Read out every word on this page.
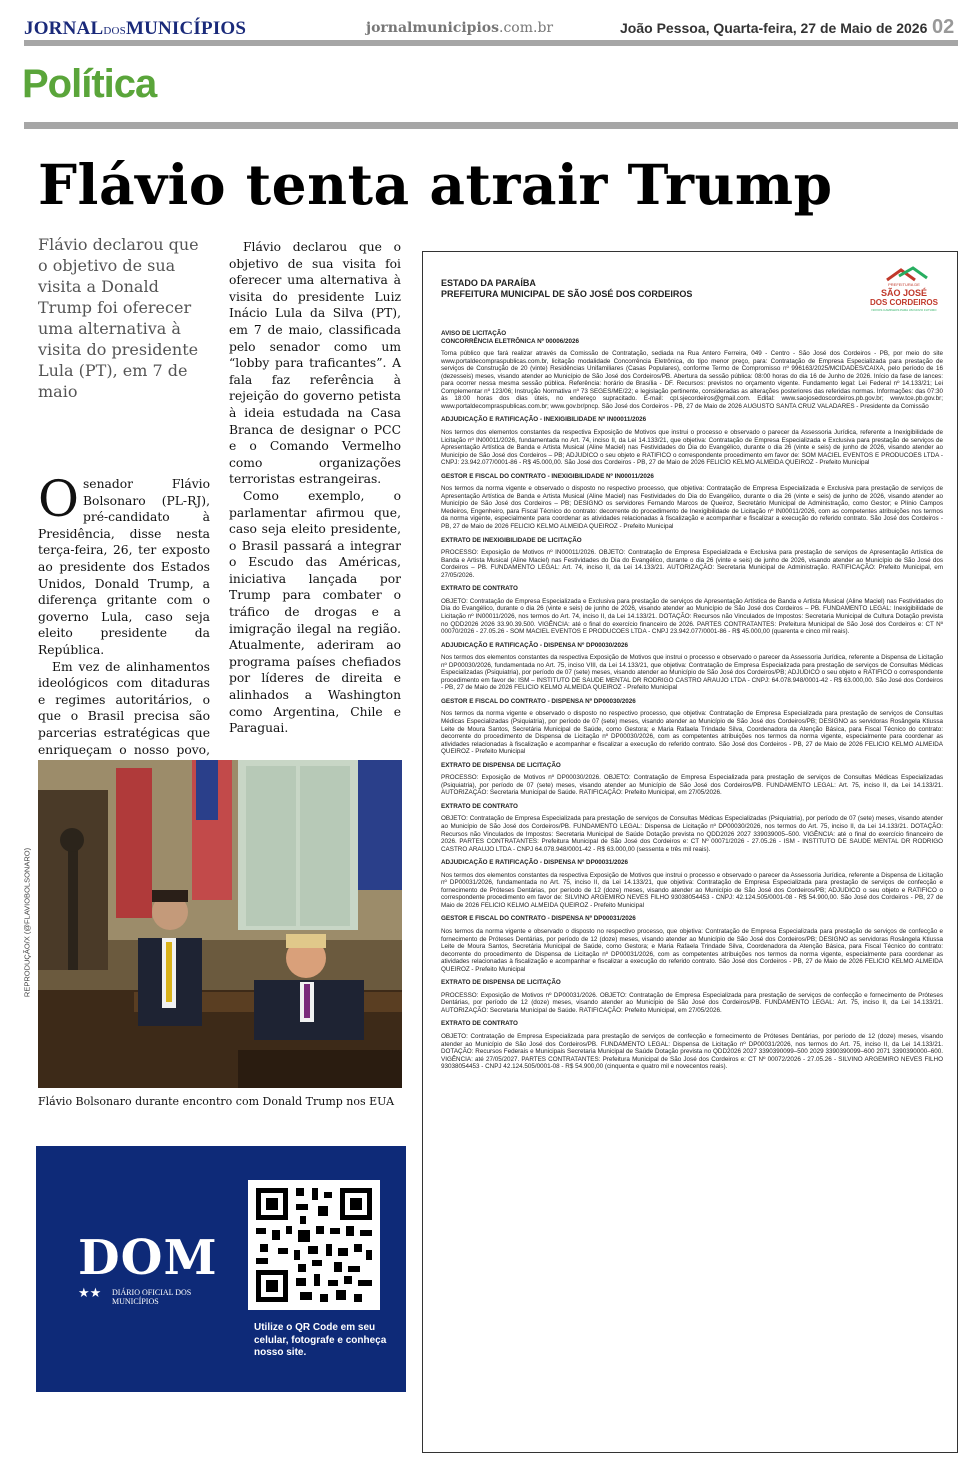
JORNALDOSMUNICÍPIOS	jornalmunicipios.com.br	João Pessoa, Quarta-feira, 27 de Maio de 2026 02
Política
Flávio tenta atrair Trump
Flávio declarou que o objetivo de sua visita a Donald Trump foi oferecer uma alternativa à visita do presidente Lula (PT), em 7 de maio

Osenador Flávio Bolsonaro (PL-RJ), pré-candidato à Presidência, disse nesta terça-feira, 26, ter exposto ao presidente dos Estados Unidos, Donald Trump, a diferença gritante com o governo Lula, caso seja eleito presidente da República.

Em vez de alinhamentos ideológicos com ditaduras e regimes autoritários, o que o Brasil precisa são parcerias estratégicas que enriqueçam o nosso povo,

Flávio declarou que o objetivo de sua visita foi oferecer uma alternativa à visita do presidente Luiz Inácio Lula da Silva (PT), em 7 de maio, classificada pelo senador como um “lobby para traficantes”. A fala faz referência à rejeição do governo petista à ideia estudada na Casa Branca de designar o PCC e o Comando Vermelho como organizações terroristas estrangeiras.

Como exemplo, o parlamentar afirmou que, caso seja eleito presidente, o Brasil passará a integrar o Escudo das Américas, iniciativa lançada por Trump para combater o tráfico de drogas e a imigração ilegal na região. Atualmente, aderiram ao programa países chefiados por líderes de direita e alinhados a Washington como Argentina, Chile e Paraguai.

REPRODUÇÃO/X (@FLAVIOBOLSONARO)
Flávio Bolsonaro durante encontro com Donald Trump nos EUA
DOM
★★ DIÁRIO OFICIAL DOS
MUNICÍPIOS
Utilize o QR Code em seu celular, fotografe e conheça nosso site.
ESTADO DA PARAÍBA
PREFEITURA MUNICIPAL DE SÃO JOSÉ DOS CORDEIROS
PREFEITURA DE
SÃO JOSÉ
DOS CORDEIROS
NOVOS CAMINHOS PARA UM NOVO FUTURO
AVISO DE LICITAÇÃO
CONCORRÊNCIA ELETRÔNICA Nº 00006/2026
Torna público que fará realizar através da Comissão de Contratação, sediada na Rua Antero Ferreira, 049 - Centro - São José dos Cordeiros - PB, por meio do site www.portaldecompraspublicas.com.br, licitação modalidade Concorrência Eletrônica, do tipo menor preço, para: Contratação de Empresa Especializada para prestação de serviços de Construção de 20 (vinte) Residências Unifamiliares (Casas Populares), conforme Termo de Compromisso nº 996163/2025/MCIDADES/CAIXA, pelo período de 16 (dezesseis) meses, visando atender ao Município de São José dos Cordeiros/PB. Abertura da sessão pública: 08:00 horas do dia 16 de Junho de 2026. Início da fase de lances: para ocorrer nessa mesma sessão pública. Referência: horário de Brasília - DF. Recursos: previstos no orçamento vigente. Fundamento legal: Lei Federal nº 14.133/21; Lei Complementar nº 123/06; Instrução Normativa nº 73 SEGES/ME/22; e legislação pertinente, consideradas as alterações posteriores das referidas normas. Informações: das 07:30 às 18:00 horas dos dias úteis, no endereço supracitado. E-mail: cpl.sjecordeiros@gmail.com. Edital: www.saojosedoscordeiros.pb.gov.br; www.tce.pb.gov.br; www.portaldecompraspublicas.com.br; www.gov.br/pncp. São José dos Cordeiros - PB, 27 de Maio de 2026 AUGUSTO SANTA CRUZ VALADARES - Presidente da Comissão
ADJUDICAÇÃO E RATIFICAÇÃO - INEXIGIBILIDADE Nº IN00011/2026
Nos termos dos elementos constantes da respectiva Exposição de Motivos que instrui o processo e observado o parecer da Assessoria Jurídica, referente a Inexigibilidade de Licitação nº IN00011/2026, fundamentada no Art. 74, inciso II, da Lei 14.133/21, que objetiva: Contratação de Empresa Especializada e Exclusiva para prestação de serviços de Apresentação Artística de Banda e Artista Musical (Aline Maciel) nas Festividades do Dia do Evangélico, durante o dia 26 (vinte e seis) de junho de 2026, visando atender ao Município de São José dos Cordeiros – PB; ADJUDICO o seu objeto e RATIFICO o correspondente procedimento em favor de: SOM MACIEL EVENTOS E PRODUCOES LTDA - CNPJ: 23.942.077/0001-86 - R$ 45.000,00. São José dos Cordeiros - PB, 27 de Maio de 2026 FELICIO KELMO ALMEIDA QUEIROZ - Prefeito Municipal
GESTOR E FISCAL DO CONTRATO - INEXIGIBILIDADE Nº IN00011/2026
Nos termos da norma vigente e observado o disposto no respectivo processo, que objetiva: Contratação de Empresa Especializada e Exclusiva para prestação de serviços de Apresentação Artística de Banda e Artista Musical (Aline Maciel) nas Festividades do Dia do Evangélico, durante o dia 26 (vinte e seis) de junho de 2026, visando atender ao Município de São José dos Cordeiros – PB; DESIGNO os servidores Fernando Marcos de Queiroz, Secretário Municipal de Administração, como Gestor; e Plínio Campos Medeiros, Engenheiro, para Fiscal Técnico do contrato: decorrente do procedimento de Inexigibilidade de Licitação nº IN00011/2026, com as competentes atribuições nos termos da norma vigente, especialmente para coordenar as atividades relacionadas à fiscalização e acompanhar e fiscalizar a execução do referido contrato. São José dos Cordeiros - PB, 27 de Maio de 2026 FELICIO KELMO ALMEIDA QUEIROZ - Prefeito Municipal
EXTRATO DE INEXIGIBILIDADE DE LICITAÇÃO
PROCESSO: Exposição de Motivos nº IN00011/2026. OBJETO: Contratação de Empresa Especializada e Exclusiva para prestação de serviços de Apresentação Artística de Banda e Artista Musical (Aline Maciel) nas Festividades do Dia do Evangélico, durante o dia 26 (vinte e seis) de junho de 2026, visando atender ao Município de São José dos Cordeiros – PB. FUNDAMENTO LEGAL: Art. 74, inciso II, da Lei 14.133/21. AUTORIZAÇÃO: Secretaria Municipal de Administração. RATIFICAÇÃO: Prefeito Municipal, em 27/05/2026.
EXTRATO DE CONTRATO
OBJETO: Contratação de Empresa Especializada e Exclusiva para prestação de serviços de Apresentação Artística de Banda e Artista Musical (Aline Maciel) nas Festividades do Dia do Evangélico, durante o dia 26 (vinte e seis) de junho de 2026, visando atender ao Município de São José dos Cordeiros – PB. FUNDAMENTO LEGAL: Inexigibilidade de Licitação nº IN00011/2026, nos termos do Art. 74, inciso II, da Lei 14.133/21. DOTAÇÃO: Recursos não Vinculados de Impostos: Secretaria Municipal de Cultura Dotação prevista no QDD2026 2026 33.90.39.500. VIGÊNCIA: até o final do exercício financeiro de 2026. PARTES CONTRATANTES: Prefeitura Municipal de São José dos Cordeiros e: CT Nº 00070/2026 - 27.05.26 - SOM MACIEL EVENTOS E PRODUCOES LTDA - CNPJ 23.942.077/0001-86 - R$ 45.000,00 (quarenta e cinco mil reais).
ADJUDICAÇÃO E RATIFICAÇÃO - DISPENSA Nº DP00030/2026
Nos termos dos elementos constantes da respectiva Exposição de Motivos que instrui o processo e observado o parecer da Assessoria Jurídica, referente a Dispensa de Licitação nº DP00030/2026, fundamentada no Art. 75, inciso VIII, da Lei 14.133/21, que objetiva: Contratação de Empresa Especializada para prestação de serviços de Consultas Médicas Especializadas (Psiquiatria), por período de 07 (sete) meses, visando atender ao Município de São José dos Cordeiros/PB; ADJUDICO o seu objeto e RATIFICO o correspondente procedimento em favor de: ISM – INSTITUTO DE SAUDE MENTAL DR RODRIGO CASTRO ARAUJO LTDA - CNPJ: 64.078.948/0001-42 - R$ 63.000,00. São José dos Cordeiros - PB, 27 de Maio de 2026 FELICIO KELMO ALMEIDA QUEIROZ - Prefeito Municipal
GESTOR E FISCAL DO CONTRATO - DISPENSA Nº DP00030/2026
Nos termos da norma vigente e observado o disposto no respectivo processo, que objetiva: Contratação de Empresa Especializada para prestação de serviços de Consultas Médicas Especializadas (Psiquiatria), por período de 07 (sete) meses, visando atender ao Município de São José dos Cordeiros/PB; DESIGNO as servidoras Rosângela Ktiussa Leite de Moura Santos, Secretária Municipal de Saúde, como Gestora; e Maria Rafaela Trindade Silva, Coordenadora da Atenção Básica, para Fiscal Técnico do contrato: decorrente do procedimento de Dispensa de Licitação nº DP00030/2026, com as competentes atribuições nos termos da norma vigente, especialmente para coordenar as atividades relacionadas à fiscalização e acompanhar e fiscalizar a execução do referido contrato. São José dos Cordeiros - PB, 27 de Maio de 2026 FELICIO KELMO ALMEIDA QUEIROZ - Prefeito Municipal
EXTRATO DE DISPENSA DE LICITAÇÃO
PROCESSO: Exposição de Motivos nº DP00030/2026. OBJETO: Contratação de Empresa Especializada para prestação de serviços de Consultas Médicas Especializadas (Psiquiatria), por período de 07 (sete) meses, visando atender ao Município de São José dos Cordeiros/PB. FUNDAMENTO LEGAL: Art. 75, inciso II, da Lei 14.133/21. AUTORIZAÇÃO: Secretaria Municipal de Saúde. RATIFICAÇÃO: Prefeito Municipal, em 27/05/2026.
EXTRATO DE CONTRATO
OBJETO: Contratação de Empresa Especializada para prestação de serviços de Consultas Médicas Especializadas (Psiquiatria), por período de 07 (sete) meses, visando atender ao Município de São José dos Cordeiros/PB. FUNDAMENTO LEGAL: Dispensa de Licitação nº DP00030/2026, nos termos do Art. 75, inciso II, da Lei 14.133/21. DOTAÇÃO: Recursos não Vinculados de Impostos: Secretaria Municipal de Saúde Dotação prevista no QDD2026 2027 339039005–500. VIGÊNCIA: até o final do exercício financeiro de 2026. PARTES CONTRATANTES: Prefeitura Municipal de São José dos Cordeiros e: CT Nº 00071/2026 - 27.05.26 - ISM - INSTITUTO DE SAUDE MENTAL DR RODRIGO CASTRO ARAUJO LTDA - CNPJ 64.078.948/0001-42 - R$ 63.000,00 (sessenta e três mil reais).
ADJUDICAÇÃO E RATIFICAÇÃO - DISPENSA Nº DP00031/2026
Nos termos dos elementos constantes da respectiva Exposição de Motivos que instrui o processo e observado o parecer da Assessoria Jurídica, referente a Dispensa de Licitação nº DP00031/2026, fundamentada no Art. 75, inciso II, da Lei 14.133/21, que objetiva: Contratação de Empresa Especializada para prestação de serviços de confecção e fornecimento de Próteses Dentárias, por período de 12 (doze) meses, visando atender ao Município de São José dos Cordeiros/PB; ADJUDICO o seu objeto e RATIFICO o correspondente procedimento em favor de: SILVINO ARGEMIRO NEVES FILHO 93038054453 - CNPJ: 42.124.505/0001-08 - R$ 54.900,00. São José dos Cordeiros - PB, 27 de Maio de 2026 FELICIO KELMO ALMEIDA QUEIROZ - Prefeito Municipal
GESTOR E FISCAL DO CONTRATO - DISPENSA Nº DP00031/2026
Nos termos da norma vigente e observado o disposto no respectivo processo, que objetiva: Contratação de Empresa Especializada para prestação de serviços de confecção e fornecimento de Próteses Dentárias, por período de 12 (doze) meses, visando atender ao Município de São José dos Cordeiros/PB; DESIGNO as servidoras Rosângela Ktiussa Leite de Moura Santos, Secretária Municipal de Saúde, como Gestora; e Maria Rafaela Trindade Silva, Coordenadora da Atenção Básica, para Fiscal Técnico do contrato: decorrente do procedimento de Dispensa de Licitação nº DP00031/2026, com as competentes atribuições nos termos da norma vigente, especialmente para coordenar as atividades relacionadas à fiscalização e acompanhar e fiscalizar a execução do referido contrato. São José dos Cordeiros - PB, 27 de Maio de 2026 FELICIO KELMO ALMEIDA QUEIROZ - Prefeito Municipal
EXTRATO DE DISPENSA DE LICITAÇÃO
PROCESSO: Exposição de Motivos nº DP00031/2026. OBJETO: Contratação de Empresa Especializada para prestação de serviços de confecção e fornecimento de Próteses Dentárias, por período de 12 (doze) meses, visando atender ao Município de São José dos Cordeiros/PB. FUNDAMENTO LEGAL: Art. 75, inciso II, da Lei 14.133/21. AUTORIZAÇÃO: Secretaria Municipal de Saúde. RATIFICAÇÃO: Prefeito Municipal, em 27/05/2026.
EXTRATO DE CONTRATO
OBJETO: Contratação de Empresa Especializada para prestação de serviços de confecção e fornecimento de Próteses Dentárias, por período de 12 (doze) meses, visando atender ao Município de São José dos Cordeiros/PB. FUNDAMENTO LEGAL: Dispensa de Licitação nº DP00031/2026, nos termos do Art. 75, inciso II, da Lei 14.133/21. DOTAÇÃO: Recursos Federais e Municipais Secretaria Municipal de Saúde Dotação prevista no QDD2026 2027 3390390099–500 2029 3390390099–600 2071 3390390000–600. VIGÊNCIA: até 27/05/2027. PARTES CONTRATANTES: Prefeitura Municipal de São José dos Cordeiros e: CT Nº 00072/2026 - 27.05.26 - SILVINO ARGEMIRO NEVES FILHO 93038054453 - CNPJ 42.124.505/0001-08 - R$ 54.900,00 (cinquenta e quatro mil e novecentos reais).
